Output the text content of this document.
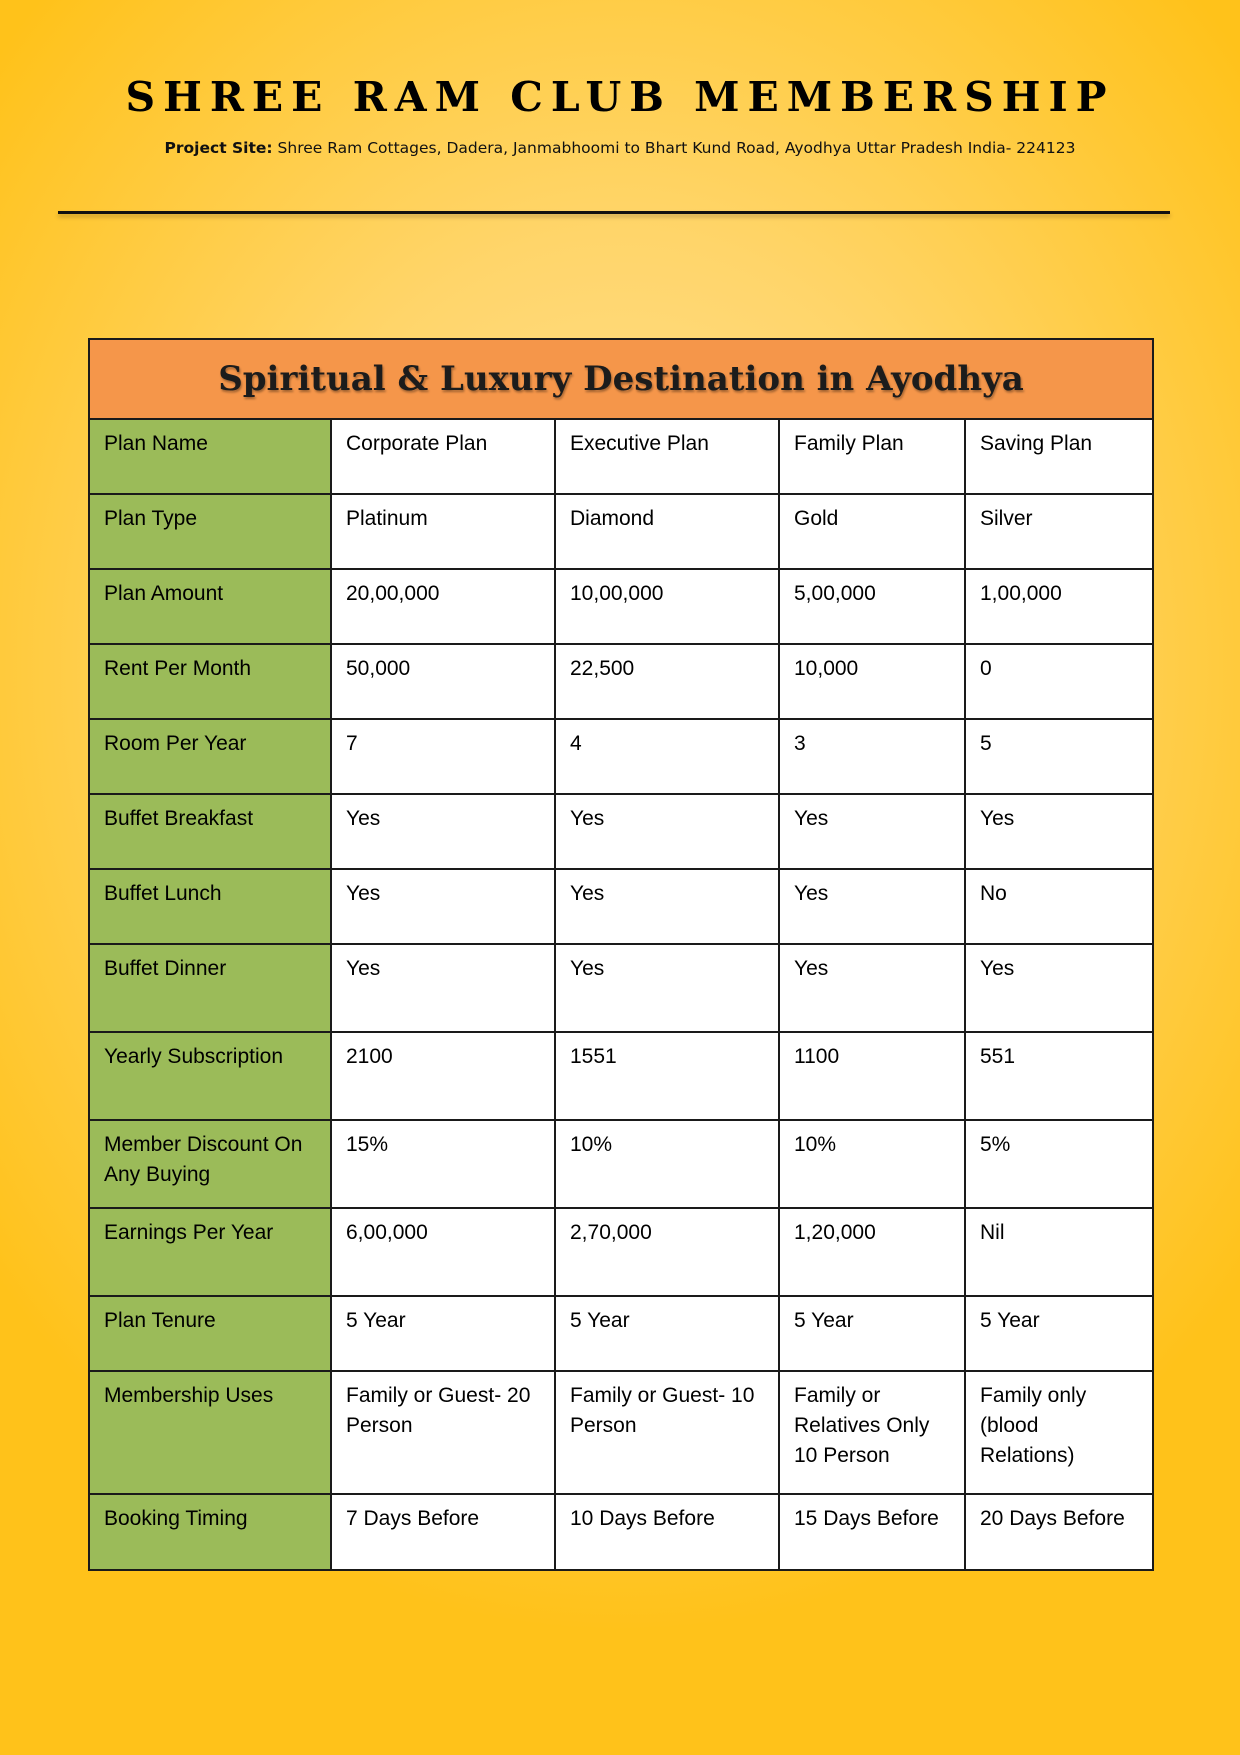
SHREE RAM CLUB MEMBERSHIP
Project Site: Shree Ram Cottages, Dadera, Janmabhoomi to Bhart Kund Road, Ayodhya Uttar Pradesh India- 224123
Spiritual & Luxury Destination in Ayodhya				
Plan Name	Corporate Plan	Executive Plan	Family Plan	Saving Plan
Plan Type	Platinum	Diamond	Gold	Silver
Plan Amount	20,00,000	10,00,000	5,00,000	1,00,000
Rent Per Month	50,000	22,500	10,000	0
Room Per Year	7	4	3	5
Buffet Breakfast	Yes	Yes	Yes	Yes
Buffet Lunch	Yes	Yes	Yes	No
Buffet Dinner	Yes	Yes	Yes	Yes
Yearly Subscription	2100	1551	1100	551
Member Discount On Any Buying	15%	10%	10%	5%
Earnings Per Year	6,00,000	2,70,000	1,20,000	Nil
Plan Tenure	5 Year	5 Year	5 Year	5 Year
Membership Uses	Family or Guest- 20 Person	Family or Guest- 10 Person	Family or Relatives Only 10 Person	Family only (blood Relations)
Booking Timing	7 Days Before	10 Days Before	15 Days Before	20 Days Before
